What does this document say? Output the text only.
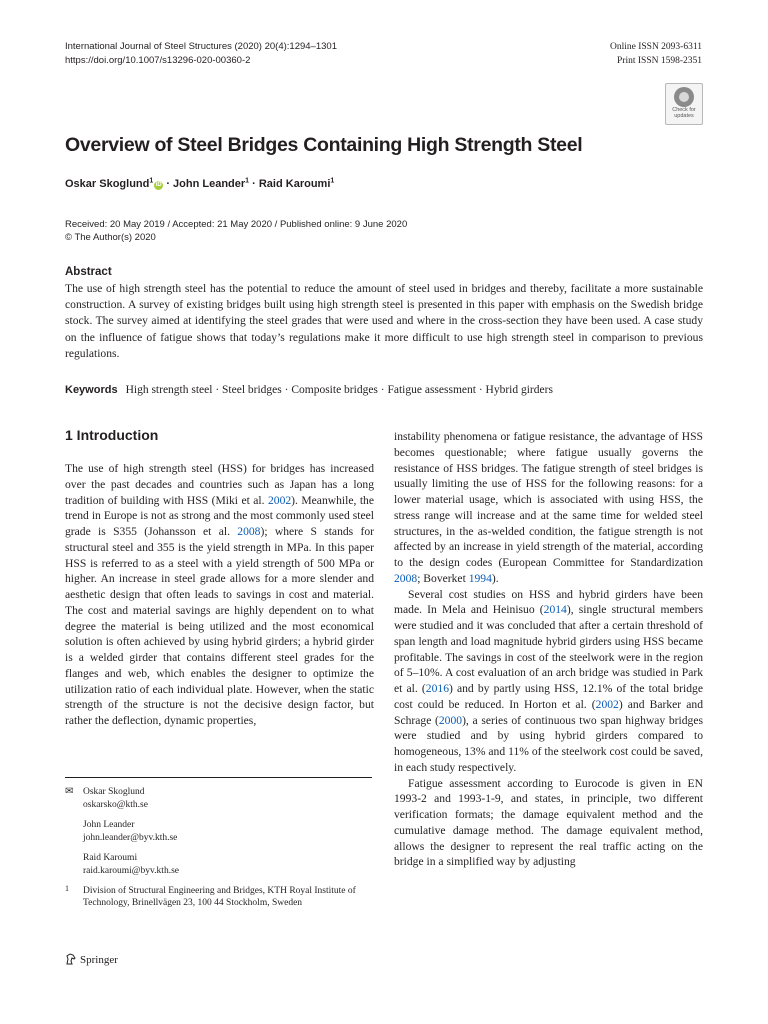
International Journal of Steel Structures (2020) 20(4):1294–1301
https://doi.org/10.1007/s13296-020-00360-2
Online ISSN 2093-6311
Print ISSN 1598-2351
Check for
updates
Overview of Steel Bridges Containing High Strength Steel
Oskar Skoglund$^1$iD · John Leander$^1$ · Raid Karoumi$^1$
Received: 20 May 2019 / Accepted: 21 May 2020 / Published online: 9 June 2020
© The Author(s) 2020
Abstract
The use of high strength steel has the potential to reduce the amount of steel used in bridges and thereby, facilitate a more sustainable construction. A survey of existing bridges built using high strength steel is presented in this paper with emphasis on the Swedish bridge stock. The survey aimed at identifying the steel grades that were used and where in the cross-section they have been used. A case study on the influence of fatigue shows that today’s regulations make it more difficult to use high strength steel in comparison to previous regulations.
Keywords High strength steel · Steel bridges · Composite bridges · Fatigue assessment · Hybrid girders
1 Introduction

The use of high strength steel (HSS) for bridges has increased over the past decades and countries such as Japan has a long tradition of building with HSS (Miki et al. 2002). Meanwhile, the trend in Europe is not as strong and the most commonly used steel grade is S355 (Johansson et al. 2008); where S stands for structural steel and 355 is the yield strength in MPa. In this paper HSS is referred to as a steel with a yield strength of 500 MPa or higher. An increase in steel grade allows for a more slender and aesthetic design that often leads to savings in cost and material. The cost and material savings are highly dependent on to what degree the material is being utilized and the most economical solution is often achieved by using hybrid girders; a hybrid girder is a welded girder that contains different steel grades for the flanges and web, which enables the designer to optimize the utilization ratio of each individual plate. However, when the static strength of the structure is not the decisive design factor, but rather the deflection, dynamic properties,

✉ Oskar Skoglund
oskarsko@kth.se
John Leander
john.leander@byv.kth.se
Raid Karoumi
raid.karoumi@byv.kth.se
1 Division of Structural Engineering and Bridges, KTH Royal Institute of Technology, Brinellvägen 23, 100 44 Stockholm, Sweden
Springer

instability phenomena or fatigue resistance, the advantage of HSS becomes questionable; where fatigue usually governs the resistance of HSS bridges. The fatigue strength of steel bridges is usually limiting the use of HSS for the following reasons: for a lower material usage, which is associated with using HSS, the stress range will increase and at the same time for welded steel structures, in the as-welded condition, the fatigue strength is not affected by an increase in yield strength of the material, according to the design codes (European Committee for Standardization 2008; Boverket 1994).

Several cost studies on HSS and hybrid girders have been made. In Mela and Heinisuo (2014), single structural members were studied and it was concluded that after a certain threshold of span length and load magnitude hybrid girders using HSS became profitable. The savings in cost of the steelwork were in the region of 5–10%. A cost evaluation of an arch bridge was studied in Park et al. (2016) and by partly using HSS, 12.1% of the total bridge cost could be reduced. In Horton et al. (2002) and Barker and Schrage (2000), a series of continuous two span highway bridges were studied and by using hybrid girders compared to homogeneous, 13% and 11% of the steelwork cost could be saved, in each study respectively.

Fatigue assessment according to Eurocode is given in EN 1993-2 and 1993-1-9, and states, in principle, two different verification formats; the damage equivalent method and the cumulative damage method. The damage equivalent method, allows the designer to represent the real traffic acting on the bridge in a simplified way by adjusting
